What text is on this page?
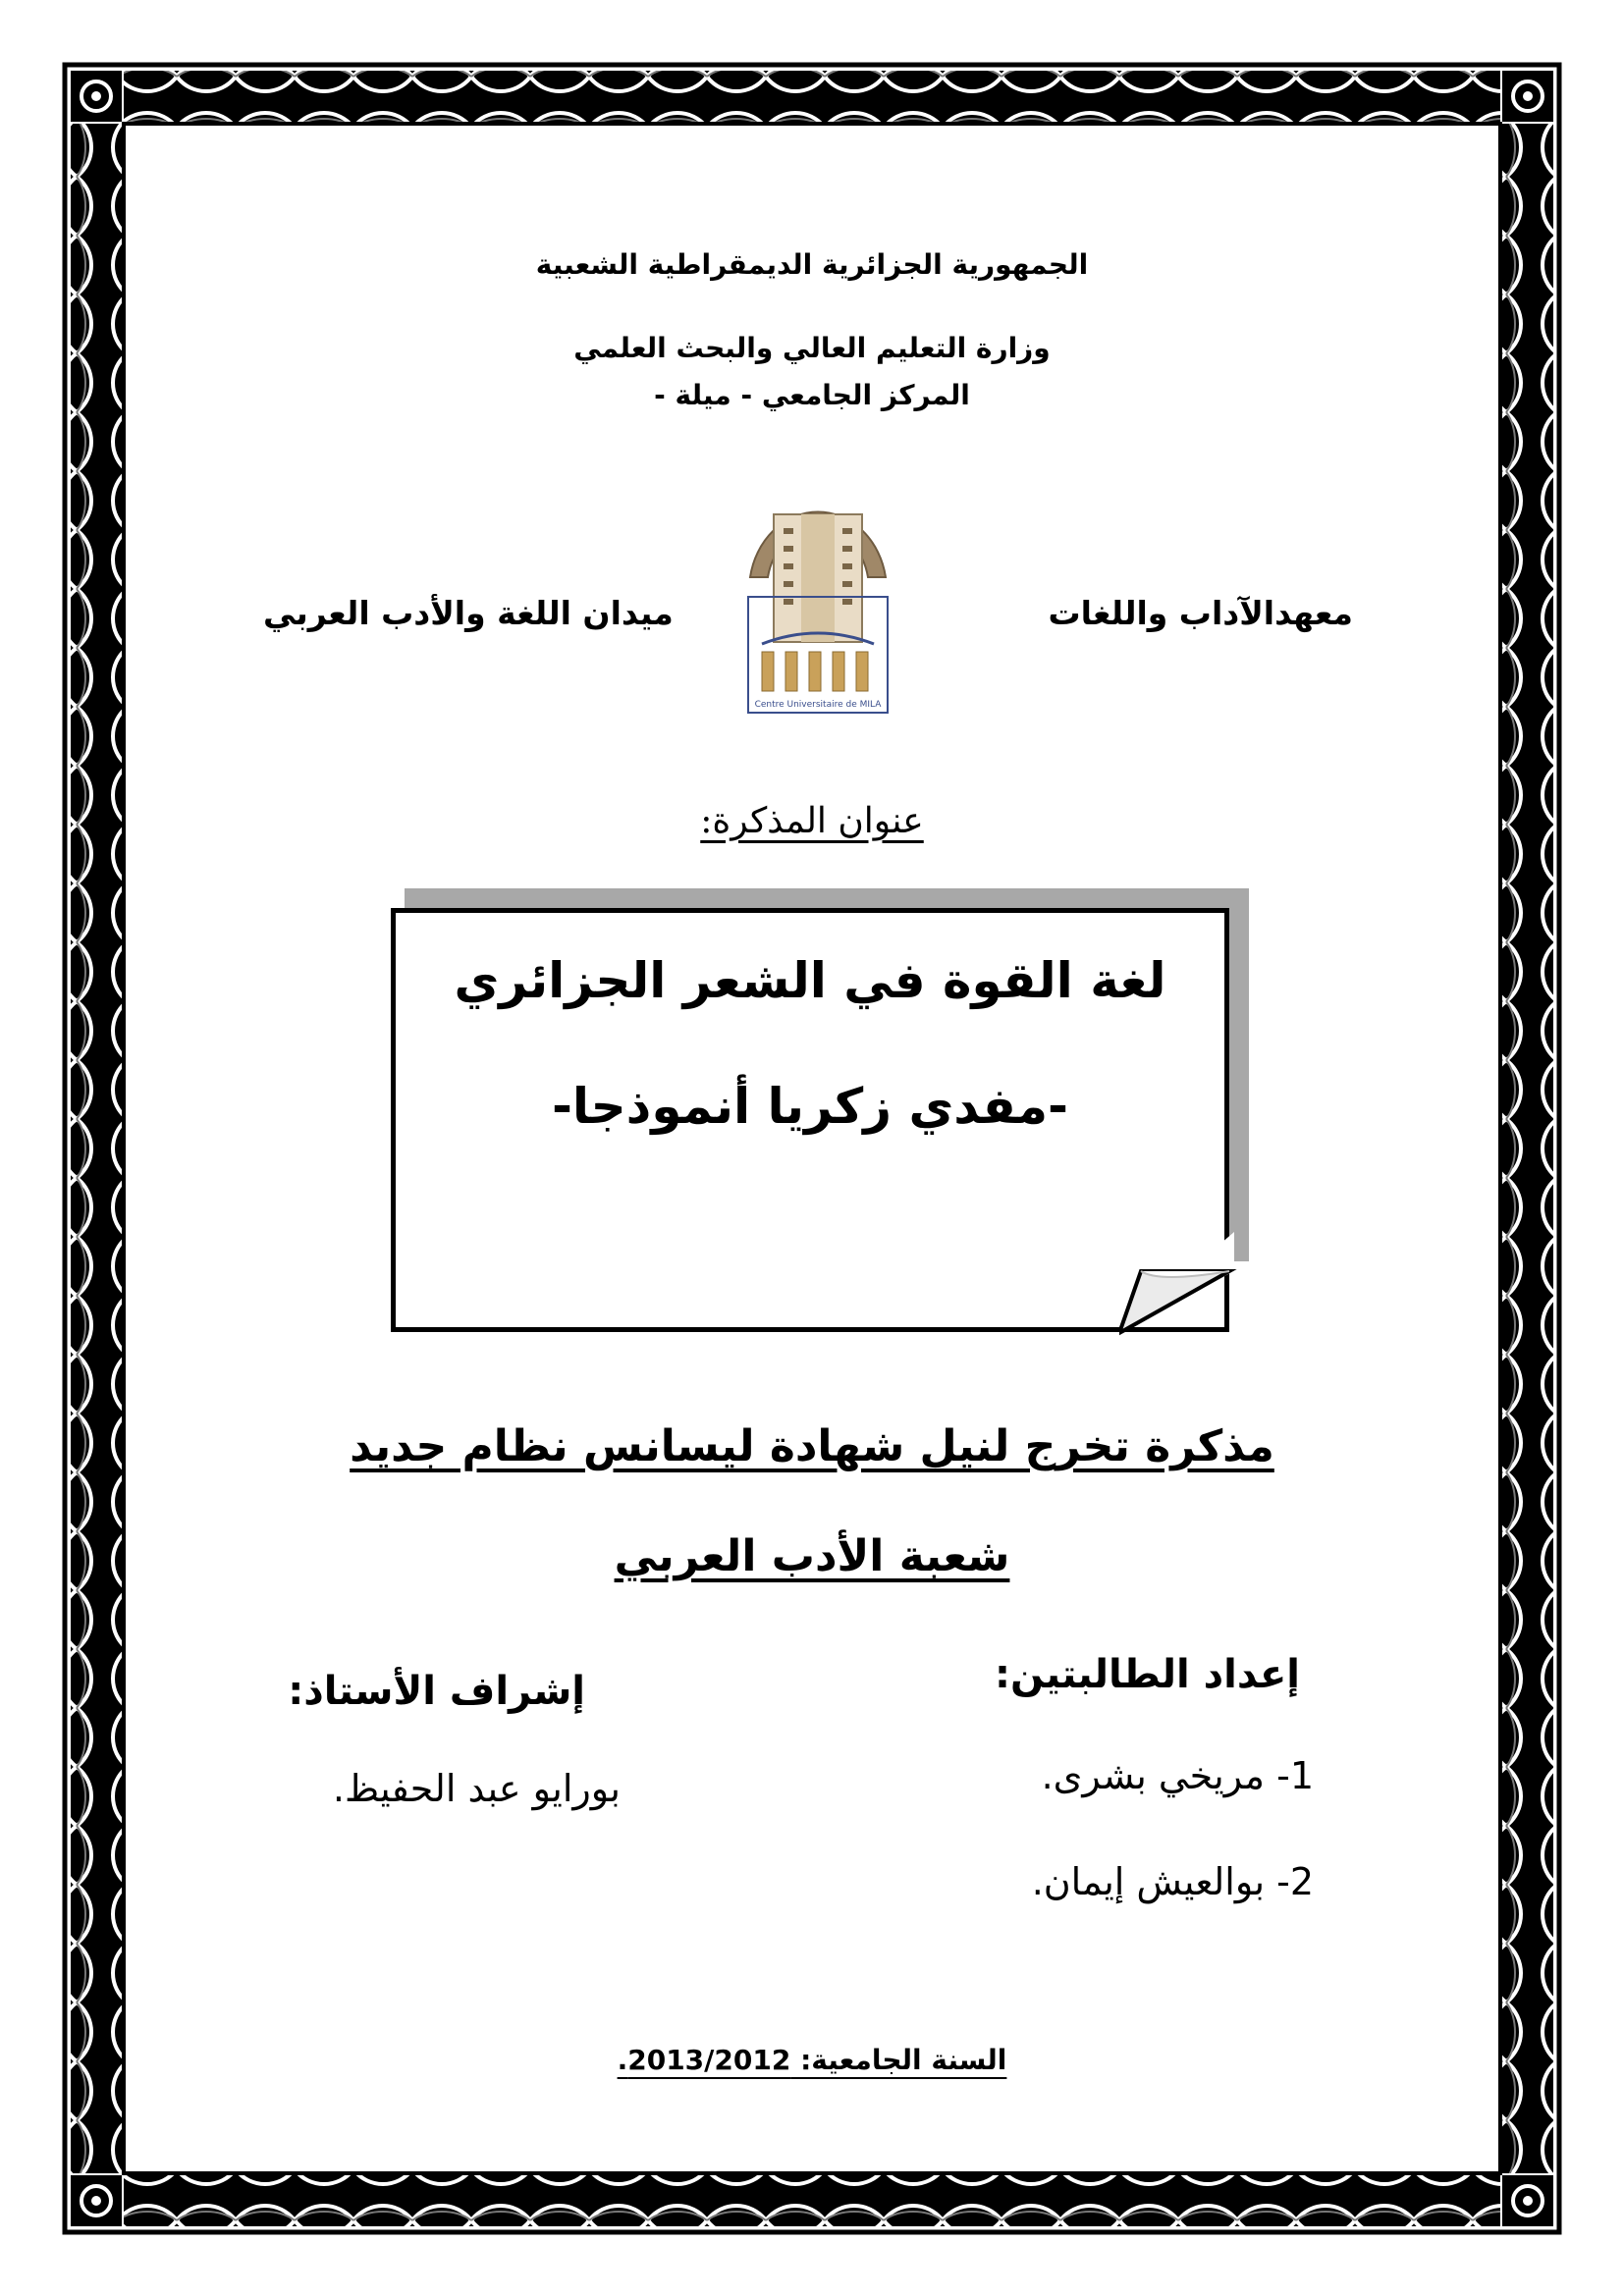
الجمهورية الجزائرية الديمقراطية الشعبية
وزارة التعليم العالي والبحث العلمي
المركز الجامعي - ميلة -
معهدالآداب واللغات
ميدان اللغة والأدب العربي
Centre Universitaire de MILA
عنوان المذكرة:
لغة القوة في الشعر الجزائري
-مفدي زكريا أنموذجا-
مذكرة تخرج لنيل شهادة ليسانس نظام جديد
شعبة الأدب العربي
إعداد الطالبتين:
1- مريخي بشرى.
2- بوالعيش إيمان.
إشراف الأستاذ:
بورايو عبد الحفيظ.
السنة الجامعية: 2013/2012.
